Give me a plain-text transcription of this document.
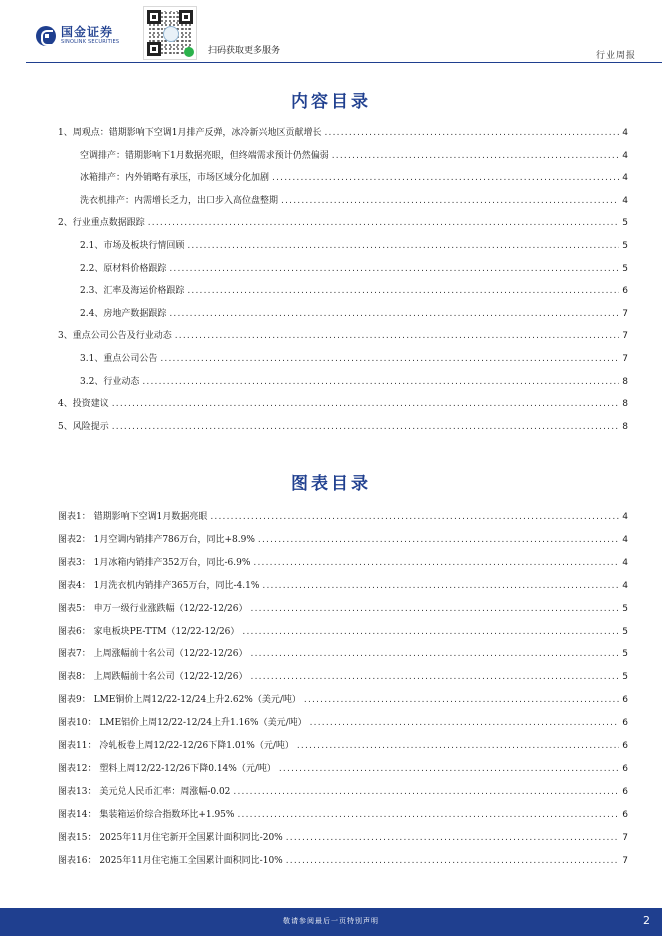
国金证券
SINOLINK SECURITIES
扫码获取更多服务	行业周报
内容目录
1、周观点：错期影响下空调1月排产反弹，冰冷新兴地区贡献增长 .....	4
空调排产：错期影响下1月数据亮眼，但终端需求预计仍然偏弱 .....	4
冰箱排产：内外销略有承压，市场区域分化加剧 .....	4
洗衣机排产：内需增长乏力，出口步入高位盘整期 .....	4
2、行业重点数据跟踪 .....	5
2.1、市场及板块行情回顾 .....	5
2.2、原材料价格跟踪 .....	5
2.3、汇率及海运价格跟踪 .....	6
2.4、房地产数据跟踪 .....	7
3、重点公司公告及行业动态 .....	7
3.1、重点公司公告 .....	7
3.2、行业动态 .....	8
4、投资建议 .....	8
5、风险提示 .....	8
图表目录
图表1： 错期影响下空调1月数据亮眼 .....	4
图表2： 1月空调内销排产786万台，同比+8.9% .....	4
图表3： 1月冰箱内销排产352万台，同比-6.9% .....	4
图表4： 1月洗衣机内销排产365万台，同比-4.1% .....	4
图表5： 申万一级行业涨跌幅（12/22-12/26） .....	5
图表6： 家电板块PE-TTM（12/22-12/26） .....	5
图表7： 上周涨幅前十名公司（12/22-12/26） .....	5
图表8： 上周跌幅前十名公司（12/22-12/26） .....	5
图表9： LME铜价上周12/22-12/24上升2.62%（美元/吨） .....	6
图表10： LME铝价上周12/22-12/24上升1.16%（美元/吨） .....	6
图表11： 冷轧板卷上周12/22-12/26下降1.01%（元/吨） .....	6
图表12： 塑料上周12/22-12/26下降0.14%（元/吨） .....	6
图表13： 美元兑人民币汇率：周涨幅-0.02 .....	6
图表14： 集装箱运价综合指数环比+1.95% .....	6
图表15： 2025年11月住宅新开全国累计面积同比-20% .....	7
图表16： 2025年11月住宅施工全国累计面积同比-10% .....	7
敬请参阅最后一页特别声明	2
